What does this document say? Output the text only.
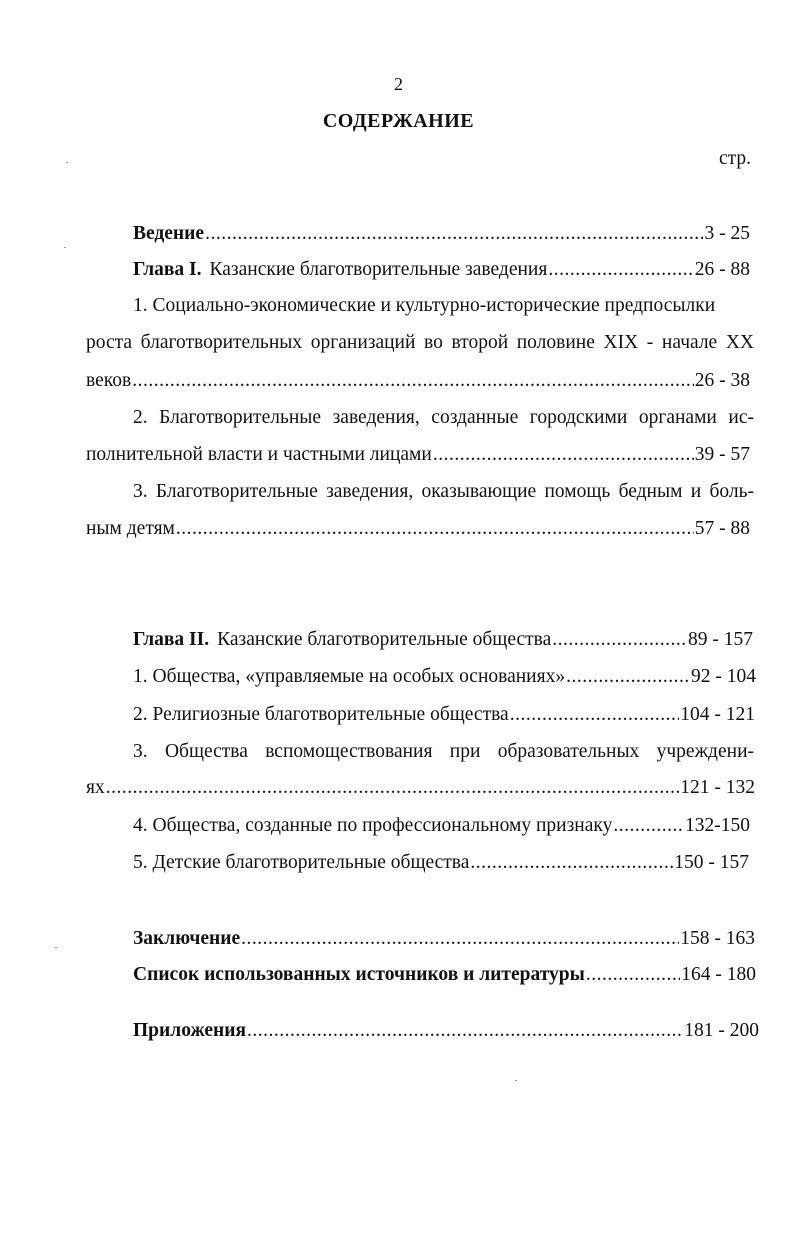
2
СОДЕРЖАНИЕ
стр.
Ведение .....	3 - 25
Глава I. Казанские благотворительные заведения .....	26 - 88
1. Социально-экономические и культурно-исторические предпосылки
роста благотворительных организаций во второй половине XIX - начале XX
веков .....	26 - 38
2. Благотворительные заведения, созданные городскими органами ис-
полнительной власти и частными лицами .....	39 - 57
3. Благотворительные заведения, оказывающие помощь бедным и боль-
ным детям .....	57 - 88
Глава II. Казанские благотворительные общества .....	89 - 157
1. Общества, «управляемые на особых основаниях» .....	92 - 104
2. Религиозные благотворительные общества .....	104 - 121
3. Общества вспомоществования при образовательных учреждени-
ях .....	121 - 132
4. Общества, созданные по профессиональному признаку .....	132-150
5. Детские благотворительные общества .....	150 - 157
Заключение .....	158 - 163
Список использованных источников и литературы .....	164 - 180
Приложения .....	181 - 200
